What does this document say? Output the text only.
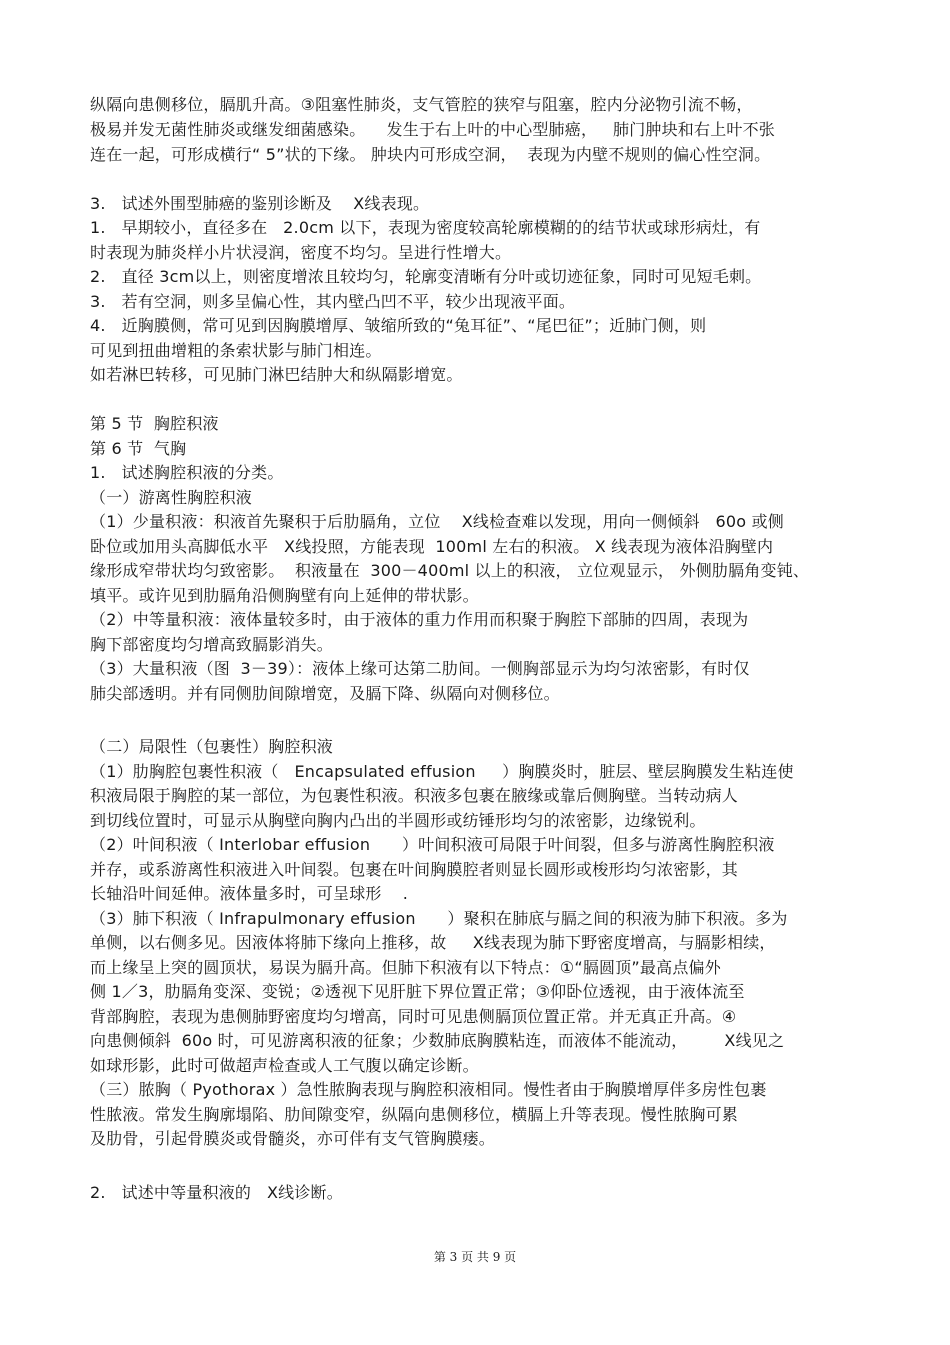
纵隔向患侧移位，膈肌升高。③阻塞性肺炎，支气管腔的狭窄与阻塞，腔内分泌物引流不畅，
极易并发无菌性肺炎或继发细菌感染。    发生于右上叶的中心型肺癌，   肺门肿块和右上叶不张
连在一起，可形成横行“ 5”状的下缘。 肿块内可形成空洞，  表现为内壁不规则的偏心性空洞。
3.   试述外围型肺癌的鉴别诊断及    X线表现。
1.   早期较小，直径多在   2.0cm 以下，表现为密度较高轮廓模糊的的结节状或球形病灶，有
时表现为肺炎样小片状浸润，密度不均匀。呈进行性增大。
2.   直径 3cm以上，则密度增浓且较均匀，轮廓变清晰有分叶或切迹征象，同时可见短毛刺。
3.   若有空洞，则多呈偏心性，其内壁凸凹不平，较少出现液平面。
4.   近胸膜侧，常可见到因胸膜增厚、皱缩所致的“兔耳征”、“尾巴征”；近肺门侧，则
可见到扭曲增粗的条索状影与肺门相连。
如若淋巴转移，可见肺门淋巴结肿大和纵隔影增宽。
第 5 节  胸腔积液
第 6 节  气胸
1.   试述胸腔积液的分类。
（一）游离性胸腔积液
（1）少量积液：积液首先聚积于后肋膈角，立位    X线检查难以发现，用向一侧倾斜   60o 或侧
卧位或加用头高脚低水平   X线投照，方能表现  100ml 左右的积液。 X 线表现为液体沿胸壁内
缘形成窄带状均匀致密影。  积液量在  300－400ml 以上的积液， 立位观显示， 外侧肋膈角变钝、
填平。或许见到肋膈角沿侧胸壁有向上延伸的带状影。
（2）中等量积液：液体量较多时，由于液体的重力作用而积聚于胸腔下部肺的四周，表现为
胸下部密度均匀增高致膈影消失。
（3）大量积液（图  3－39）：液体上缘可达第二肋间。一侧胸部显示为均匀浓密影，有时仅
肺尖部透明。并有同侧肋间隙增宽，及膈下降、纵隔向对侧移位。
（二）局限性（包裹性）胸腔积液
（1）肋胸腔包裹性积液（   Encapsulated effusion     ）胸膜炎时，脏层、壁层胸膜发生粘连使
积液局限于胸腔的某一部位，为包裹性积液。积液多包裹在腋缘或靠后侧胸壁。当转动病人
到切线位置时，可显示从胸壁向胸内凸出的半圆形或纺锤形均匀的浓密影，边缘锐利。
（2）叶间积液（ Interlobar effusion      ）叶间积液可局限于叶间裂，但多与游离性胸腔积液
并存，或系游离性积液进入叶间裂。包裹在叶间胸膜腔者则显长圆形或梭形均匀浓密影，其
长轴沿叶间延伸。液体量多时，可呈球形    .
（3）肺下积液（ Infrapulmonary effusion      ）聚积在肺底与膈之间的积液为肺下积液。多为
单侧，以右侧多见。因液体将肺下缘向上推移，故     X线表现为肺下野密度增高，与膈影相续，
而上缘呈上突的圆顶状，易误为膈升高。但肺下积液有以下特点：①“膈圆顶”最高点偏外
侧 1／3，肋膈角变深、变锐；②透视下见肝脏下界位置正常；③仰卧位透视，由于液体流至
背部胸腔，表现为患侧肺野密度均匀增高，同时可见患侧膈顶位置正常。并无真正升高。④
向患侧倾斜  60o 时，可见游离积液的征象；少数肺底胸膜粘连，而液体不能流动，       X线见之
如球形影，此时可做超声检查或人工气腹以确定诊断。
（三）脓胸（ Pyothorax ）急性脓胸表现与胸腔积液相同。慢性者由于胸膜增厚伴多房性包裹
性脓液。常发生胸廓塌陷、肋间隙变窄，纵隔向患侧移位，横膈上升等表现。慢性脓胸可累
及肋骨，引起骨膜炎或骨髓炎，亦可伴有支气管胸膜瘘。
2.   试述中等量积液的   X线诊断。
第 3 页 共 9 页
